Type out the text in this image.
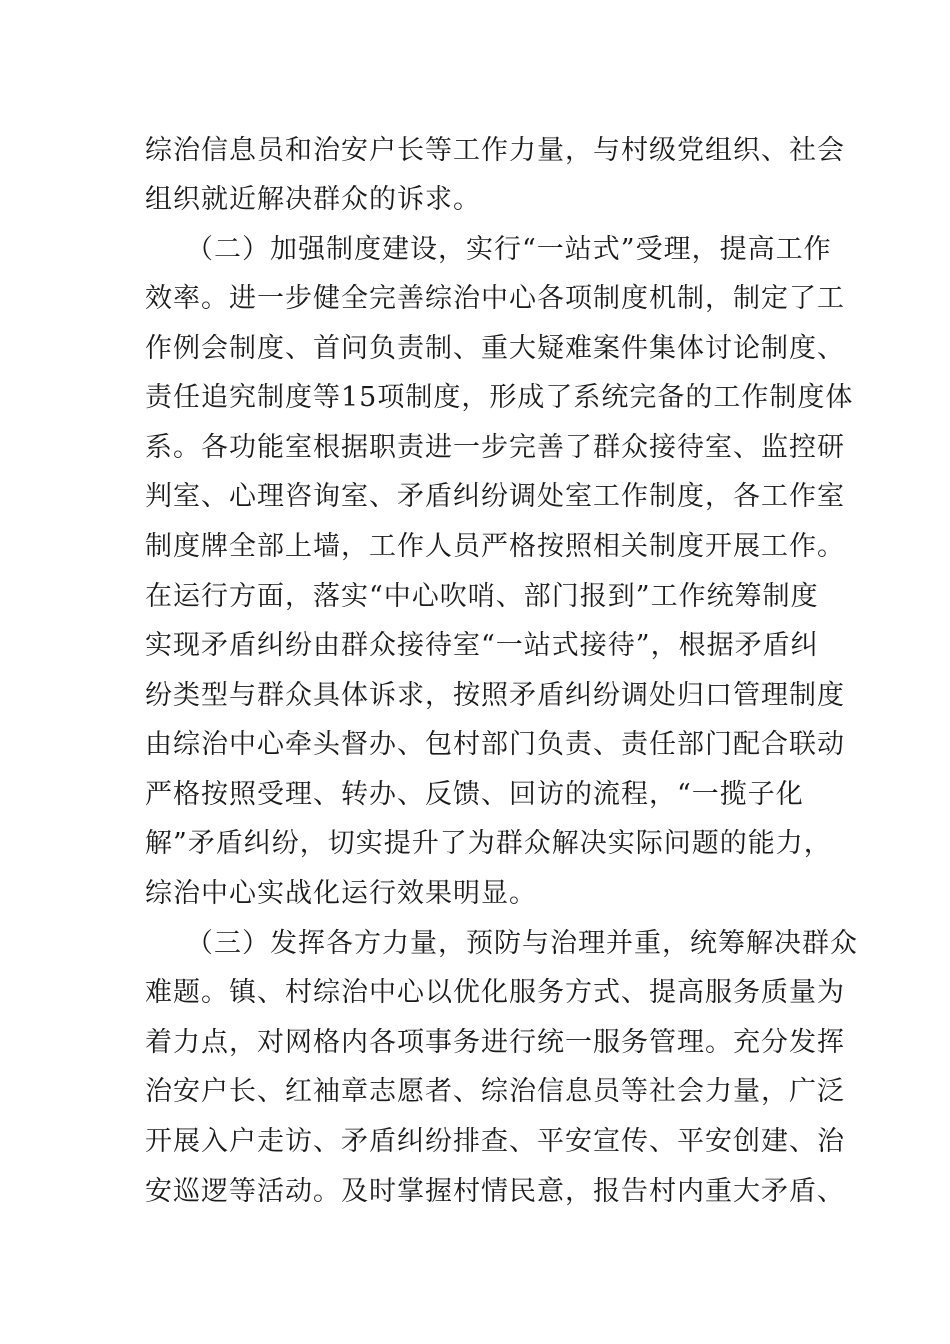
综治信息员和治安户长等工作力量，与村级党组织、社会
组织就近解决群众的诉求。
（二）加强制度建设，实行“一站式”受理，提高工作
效率。进一步健全完善综治中心各项制度机制，制定了工
作例会制度、首问负责制、重大疑难案件集体讨论制度、
责任追究制度等15项制度，形成了系统完备的工作制度体
系。各功能室根据职责进一步完善了群众接待室、监控研
判室、心理咨询室、矛盾纠纷调处室工作制度，各工作室
制度牌全部上墙，工作人员严格按照相关制度开展工作。
在运行方面，落实“中心吹哨、部门报到”工作统筹制度
实现矛盾纠纷由群众接待室“一站式接待”，根据矛盾纠
纷类型与群众具体诉求，按照矛盾纠纷调处归口管理制度
由综治中心牵头督办、包村部门负责、责任部门配合联动
严格按照受理、转办、反馈、回访的流程，“一揽子化
解”矛盾纠纷，切实提升了为群众解决实际问题的能力，
综治中心实战化运行效果明显。
（三）发挥各方力量，预防与治理并重，统筹解决群众
难题。镇、村综治中心以优化服务方式、提高服务质量为
着力点，对网格内各项事务进行统一服务管理。充分发挥
治安户长、红袖章志愿者、综治信息员等社会力量，广泛
开展入户走访、矛盾纠纷排查、平安宣传、平安创建、治
安巡逻等活动。及时掌握村情民意，报告村内重大矛盾、
